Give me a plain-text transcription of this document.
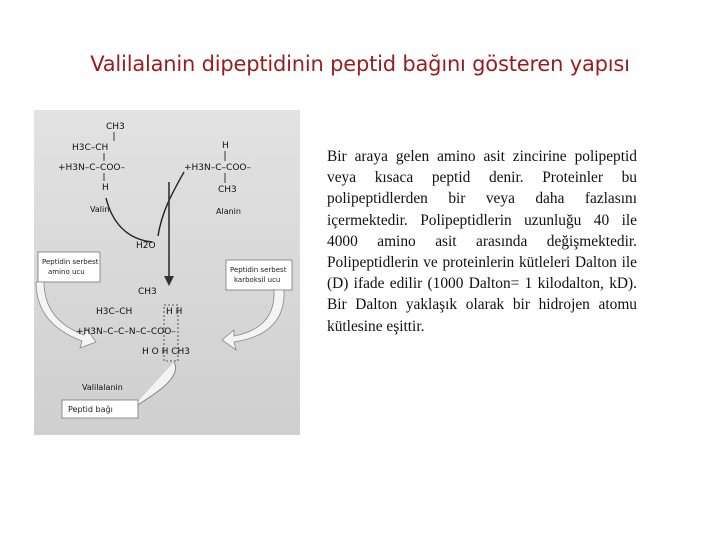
Valilalanin dipeptidinin peptid bağını gösteren yapısı
CH3
H3C–CH
+H3N–C–COO–
H
Valin
H
+H3N–C–COO–
CH3
Alanin
H2O
Peptidin serbest amino ucu	Peptidin serbest karboksil ucu
CH3
H3C–CH	H H
+H3N–C–C–N–C–COO–
H O H CH3
Valilalanin
Peptid bağı
Bir araya gelen amino asit zincirine polipeptid veya kısaca peptid denir. Proteinler bu polipeptidlerden bir veya daha fazlasını içermektedir. Polipeptidlerin uzunluğu 40 ile 4000 amino asit arasında değişmektedir. Polipeptidlerin ve proteinlerin kütleleri Dalton ile (D) ifade edilir (1000 Dalton= 1 kilodalton, kD). Bir Dalton yaklaşık olarak bir hidrojen atomu kütlesine eşittir.
